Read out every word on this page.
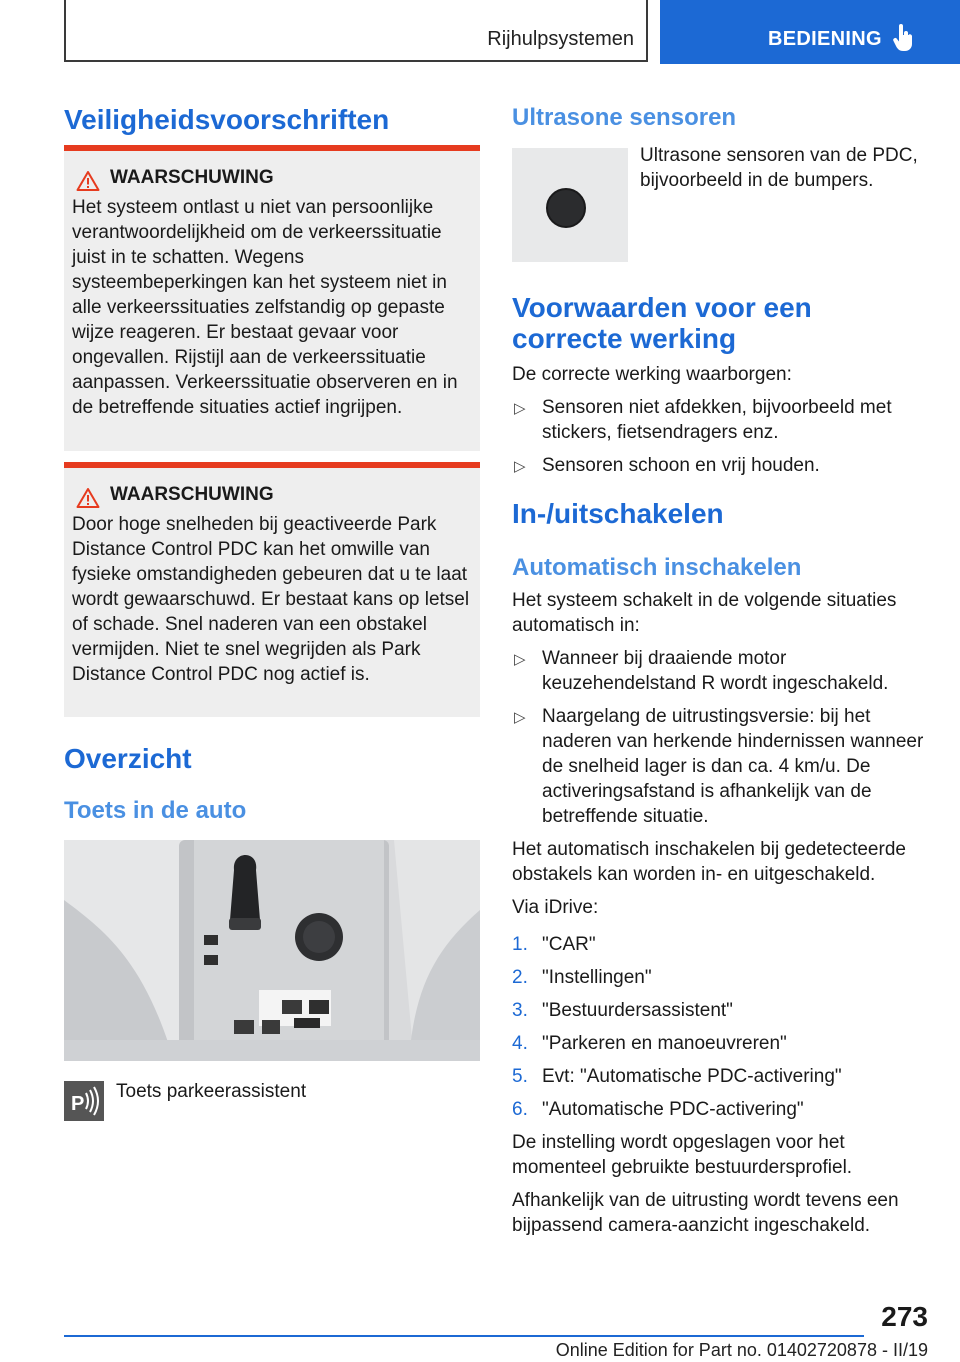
Rijhulpsystemen	BEDIENING
Veiligheidsvoorschriften
WAARSCHUWING
Het systeem ontlast u niet van persoonlijke verantwoordelijkheid om de verkeerssituatie juist in te schatten. Wegens systeembeperkingen kan het systeem niet in alle verkeerssituaties zelfstandig op gepaste wijze reageren. Er bestaat gevaar voor ongevallen. Rijstijl aan de verkeerssituatie aanpassen. Verkeerssituatie observeren en in de betreffende situaties actief ingrijpen.
WAARSCHUWING
Door hoge snelheden bij geactiveerde Park Distance Control PDC kan het omwille van fysieke omstandigheden gebeuren dat u te laat wordt gewaarschuwd. Er bestaat kans op letsel of schade. Snel naderen van een obstakel vermijden. Niet te snel wegrijden als Park Distance Control PDC nog actief is.
Overzicht
Toets in de auto
P
Toets parkeerassistent
Ultrasone sensoren
Ultrasone sensoren van de PDC, bijvoorbeeld in de bumpers.
Voorwaarden voor een correcte werking
De correcte werking waarborgen:
▷ Sensoren niet afdekken, bijvoorbeeld met stickers, fietsendragers enz.
▷ Sensoren schoon en vrij houden.
In-/uitschakelen
Automatisch inschakelen
Het systeem schakelt in de volgende situaties automatisch in:
▷ Wanneer bij draaiende motor keuzehendelstand R wordt ingeschakeld.
▷ Naargelang de uitrustingsversie: bij het naderen van herkende hindernissen wanneer de snelheid lager is dan ca. 4 km/u. De activeringsafstand is afhankelijk van de betreffende situatie.
Het automatisch inschakelen bij gedetecteerde obstakels kan worden in- en uitgeschakeld.
Via iDrive:
1. "CAR"
2. "Instellingen"
3. "Bestuurdersassistent"
4. "Parkeren en manoeuvreren"
5. Evt: "Automatische PDC-activering"
6. "Automatische PDC-activering"
De instelling wordt opgeslagen voor het momenteel gebruikte bestuurdersprofiel.
Afhankelijk van de uitrusting wordt tevens een bijpassend camera-aanzicht ingeschakeld.
273
Online Edition for Part no. 01402720878 - II/19
